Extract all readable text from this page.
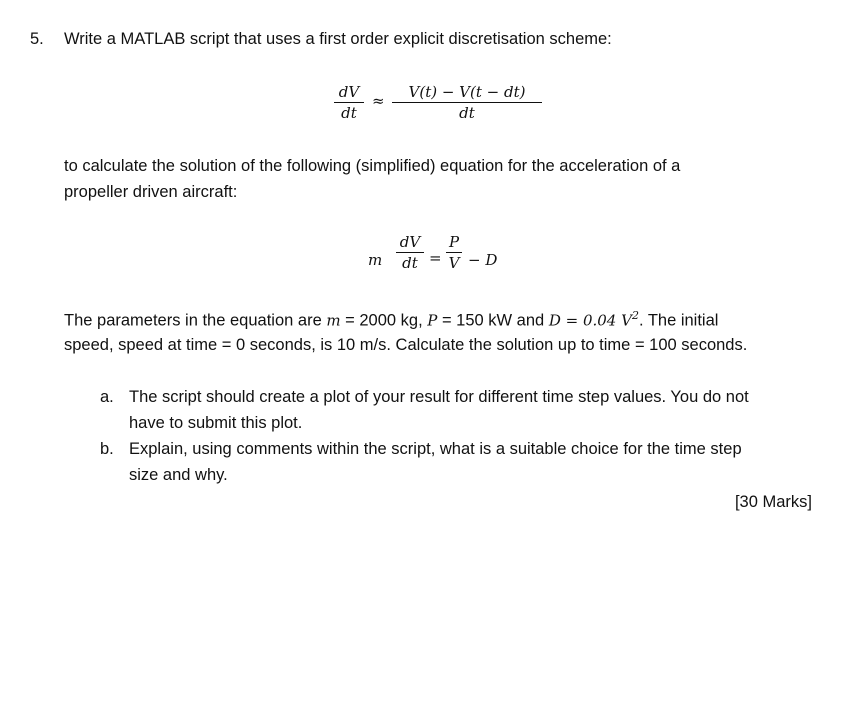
5. Write a MATLAB script that uses a first order explicit discretisation scheme:
dV
dt
≈	V(t) − V(t − dt)
dt
to calculate the solution of the following (simplified) equation for the acceleration of a
propeller driven aircraft:
m
dV
dt =
P
V − D
The parameters in the equation are m = 2000 kg, P = 150 kW and D = 0.04 $V^2$. The initial
speed, speed at time = 0 seconds, is 10 m/s. Calculate the solution up to time = 100 seconds.
a. The script should create a plot of your result for different time step values. You do not
have to submit this plot.
b. Explain, using comments within the script, what is a suitable choice for the time step
size and why.
[30 Marks]
